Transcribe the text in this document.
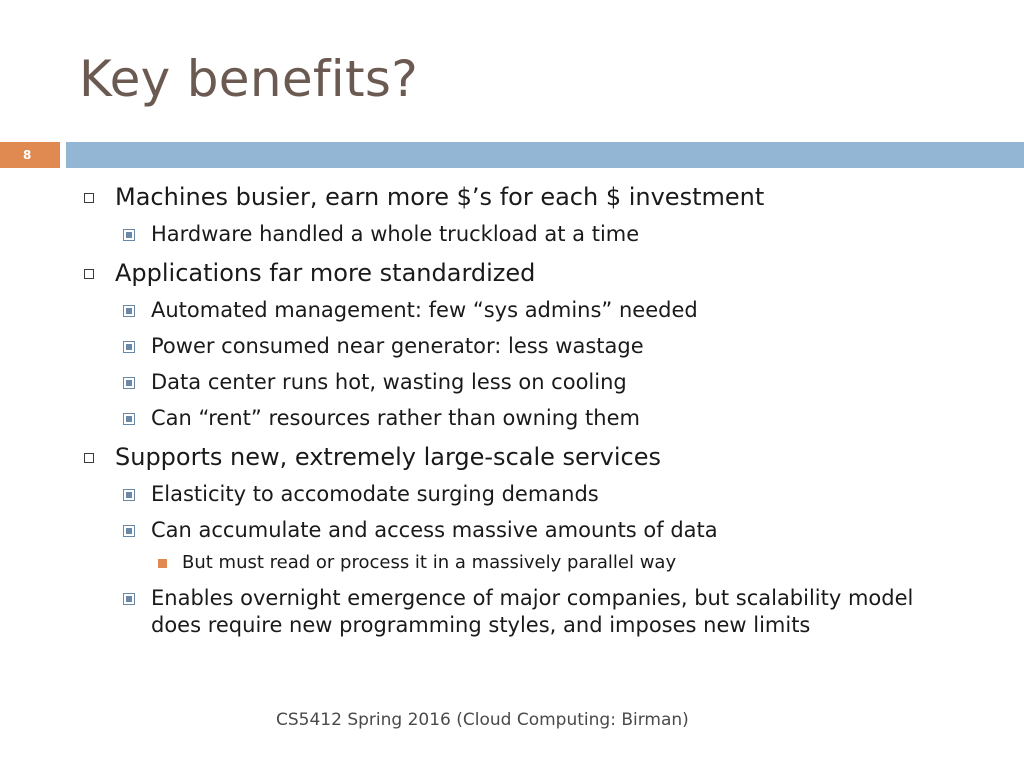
Key benefits?
8
Machines busier, earn more $’s for each $ investment
Hardware handled a whole truckload at a time
Applications far more standardized
Automated management: few “sys admins” needed
Power consumed near generator: less wastage
Data center runs hot, wasting less on cooling
Can “rent” resources rather than owning them
Supports new, extremely large-scale services
Elasticity to accomodate surging demands
Can accumulate and access massive amounts of data
But must read or process it in a massively parallel way
Enables overnight emergence of major companies, but scalability model
does require new programming styles, and imposes new limits
CS5412 Spring 2016 (Cloud Computing: Birman)
